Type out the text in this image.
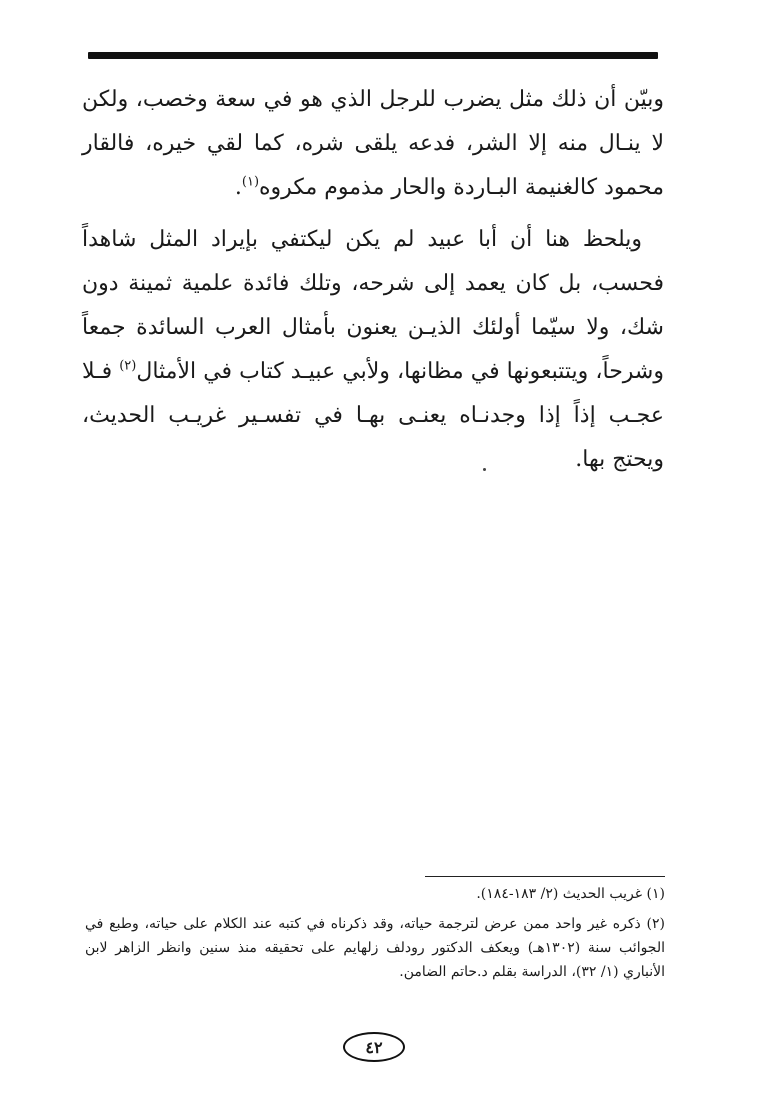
وبيّن أن ذلك مثل يضرب للرجل الذي هو في سعة وخصب، ولكن لا ينـال منه إلا الشر، فدعه يلقى شره، كما لقي خيره، فالقار محمود كالغنيمة البـاردة والحار مذموم مكروه$^{(١)}$.

ويلحظ هنا أن أبا عبيد لم يكن ليكتفي بإيراد المثل شاهداً فحسب، بل كان يعمد إلى شرحه، وتلك فائدة علمية ثمينة دون شك، ولا سيّما أولئك الذيـن يعنون بأمثال العرب السائدة جمعاً وشرحاً، ويتتبعونها في مظانها، ولأبي عبيـد كتاب في الأمثال$^{(٢)}$ فـلا عجـب إذاً إذا وجدنـاه يعنـى بهـا في تفسـير غريـب الحديث، ويحتج بها.

(١) غريب الحديث (٢/ ١٨٣-١٨٤).

(٢) ذكره غير واحد ممن عرض لترجمة حياته، وقد ذكرناه في كتبه عند الكلام على حياته، وطبع في الجوائب سنة (١٣٠٢هـ) ويعكف الدكتور رودلف زلهايم على تحقيقه منذ سنين وانظر الزاهر لابن الأنباري (١/ ٣٢)، الدراسة بقلم د.حاتم الضامن.

٤٢
